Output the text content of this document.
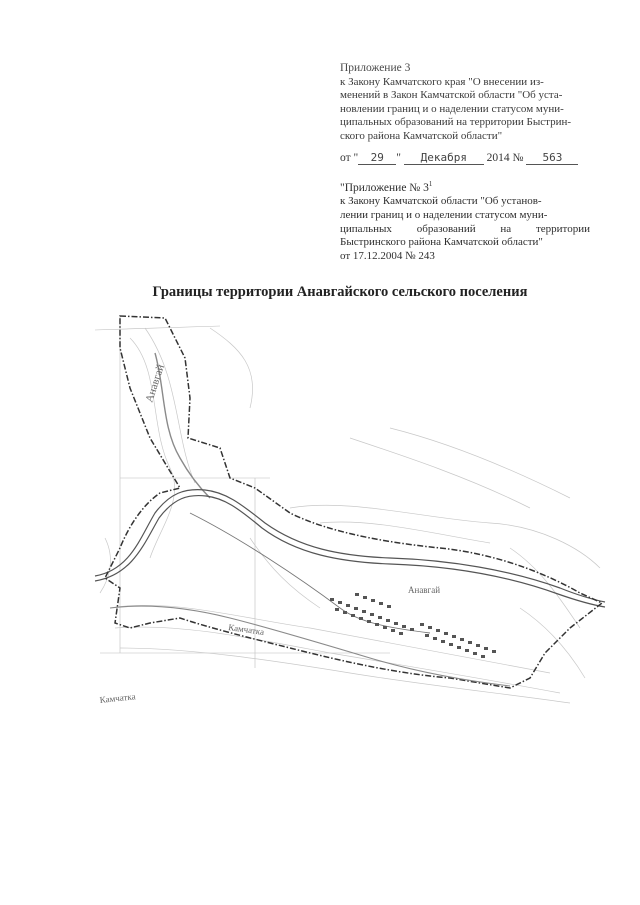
Приложение 3
к Закону Камчатского края "О внесении из-
менений в Закон Камчатской области "Об уста-
новлении границ и о наделении статусом муни-
ципальных образований на территории Быстрин-
ского района Камчатской области"
от " 29 " Декабря 2014 № 563
"Приложение № $3^1$
к Закону Камчатской области "Об установ-
лении границ и о наделении статусом муни-
ципальных образований на территории
Быстринского района Камчатской области"
от 17.12.2004 № 243
Границы территории Анавгайского сельского поселения
Анавгай
Анавгай
Камчатка
Камчатка
